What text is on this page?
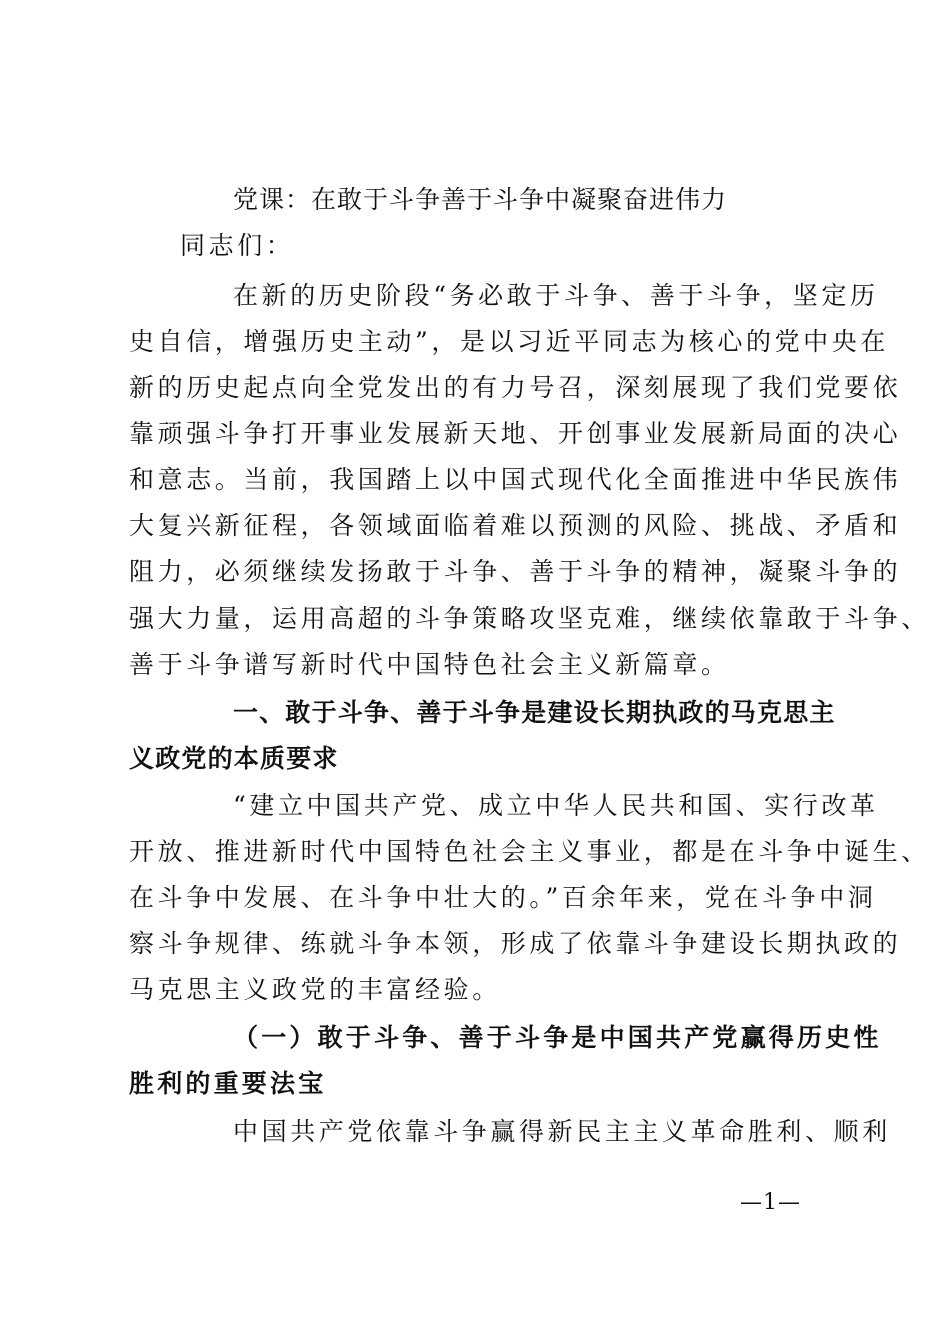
党课：在敢于斗争善于斗争中凝聚奋进伟力
同志们：
在新的历史阶段“务必敢于斗争、善于斗争，坚定历
史自信，增强历史主动”，是以习近平同志为核心的党中央在
新的历史起点向全党发出的有力号召，深刻展现了我们党要依
靠顽强斗争打开事业发展新天地、开创事业发展新局面的决心
和意志。当前，我国踏上以中国式现代化全面推进中华民族伟
大复兴新征程，各领域面临着难以预测的风险、挑战、矛盾和
阻力，必须继续发扬敢于斗争、善于斗争的精神，凝聚斗争的
强大力量，运用高超的斗争策略攻坚克难，继续依靠敢于斗争、
善于斗争谱写新时代中国特色社会主义新篇章。
一、敢于斗争、善于斗争是建设长期执政的马克思主
义政党的本质要求
“建立中国共产党、成立中华人民共和国、实行改革
开放、推进新时代中国特色社会主义事业，都是在斗争中诞生、
在斗争中发展、在斗争中壮大的。”百余年来，党在斗争中洞
察斗争规律、练就斗争本领，形成了依靠斗争建设长期执政的
马克思主义政党的丰富经验。
（一）敢于斗争、善于斗争是中国共产党赢得历史性
胜利的重要法宝
中国共产党依靠斗争赢得新民主主义革命胜利、顺利
—1—
